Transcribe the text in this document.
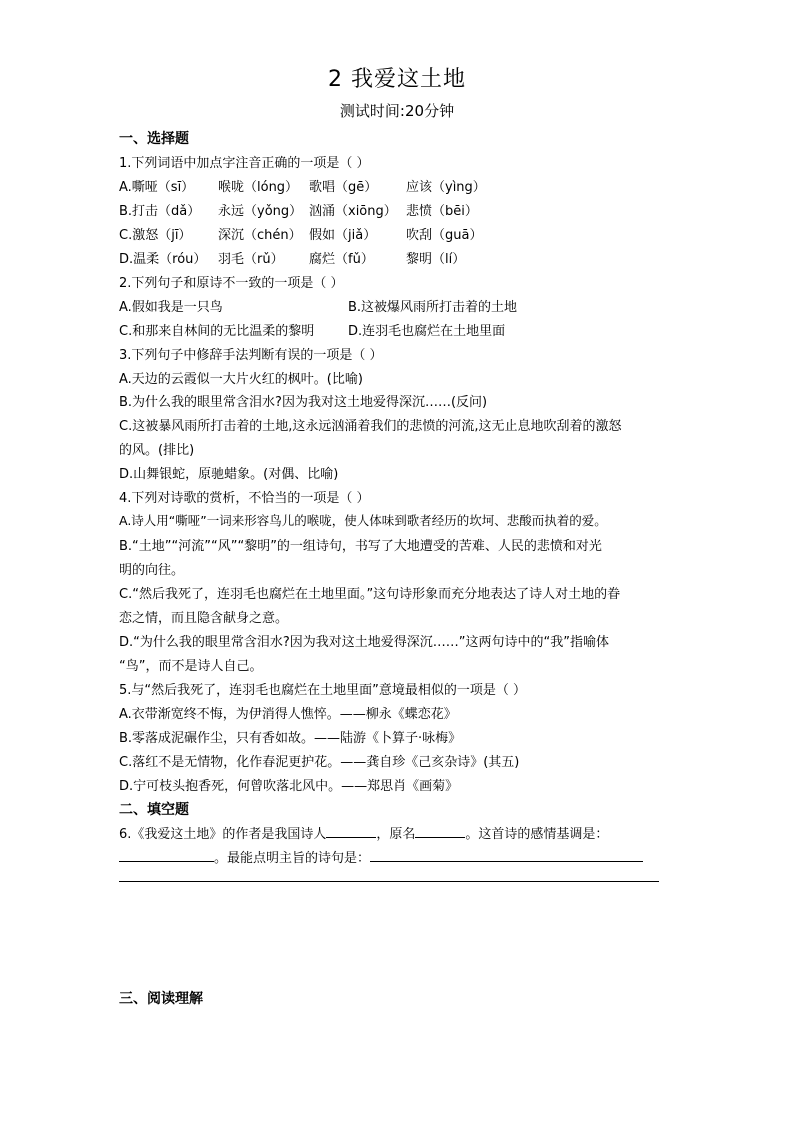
2 我爱这土地
测试时间:20分钟
一、选择题
1.下列词语中加点字注音正确的一项是（ ）
A.嘶哑（sī） 喉咙（lóng） 歌唱（gē） 应该（yìng）
B.打击（dǎ） 永远（yǒng） 汹涌（xiōng） 悲愤（bēi）
C.激怒（jī） 深沉（chén） 假如（jiǎ） 吹刮（guā）
D.温柔（róu） 羽毛（rǔ） 腐烂（fǔ） 黎明（lí）
2.下列句子和原诗不一致的一项是（ ）
A.假如我是一只鸟	B.这被爆风雨所打击着的土地
C.和那来自林间的无比温柔的黎明	D.连羽毛也腐烂在土地里面
3.下列句子中修辞手法判断有误的一项是（ ）
A.天边的云霞似一大片火红的枫叶。(比喻)
B.为什么我的眼里常含泪水?因为我对这土地爱得深沉……(反问)
C.这被暴风雨所打击着的土地,这永远汹涌着我们的悲愤的河流,这无止息地吹刮着的激怒
的风。(排比)
D.山舞银蛇，原驰蜡象。(对偶、比喻)
4.下列对诗歌的赏析，不恰当的一项是（ ）
A.诗人用“嘶哑”一词来形容鸟儿的喉咙，使人体味到歌者经历的坎坷、悲酸而执着的爱。
B.“土地”“河流”“风”“黎明”的一组诗句，书写了大地遭受的苦难、人民的悲愤和对光
明的向往。
C.“然后我死了，连羽毛也腐烂在土地里面。”这句诗形象而充分地表达了诗人对土地的眷
恋之情，而且隐含献身之意。
D.“为什么我的眼里常含泪水?因为我对这土地爱得深沉……”这两句诗中的“我”指喻体
“鸟”，而不是诗人自己。
5.与“然后我死了，连羽毛也腐烂在土地里面”意境最相似的一项是（ ）
A.衣带渐宽终不悔，为伊消得人憔悴。——柳永《蝶恋花》
B.零落成泥碾作尘，只有香如故。——陆游《卜算子·咏梅》
C.落红不是无情物，化作春泥更护花。——龚自珍《己亥杂诗》(其五)
D.宁可枝头抱香死，何曾吹落北风中。——郑思肖《画菊》
二、填空题
6.《我爱这土地》的作者是我国诗人	，原名	。这首诗的感情基调是：
。最能点明主旨的诗句是：
三、阅读理解
